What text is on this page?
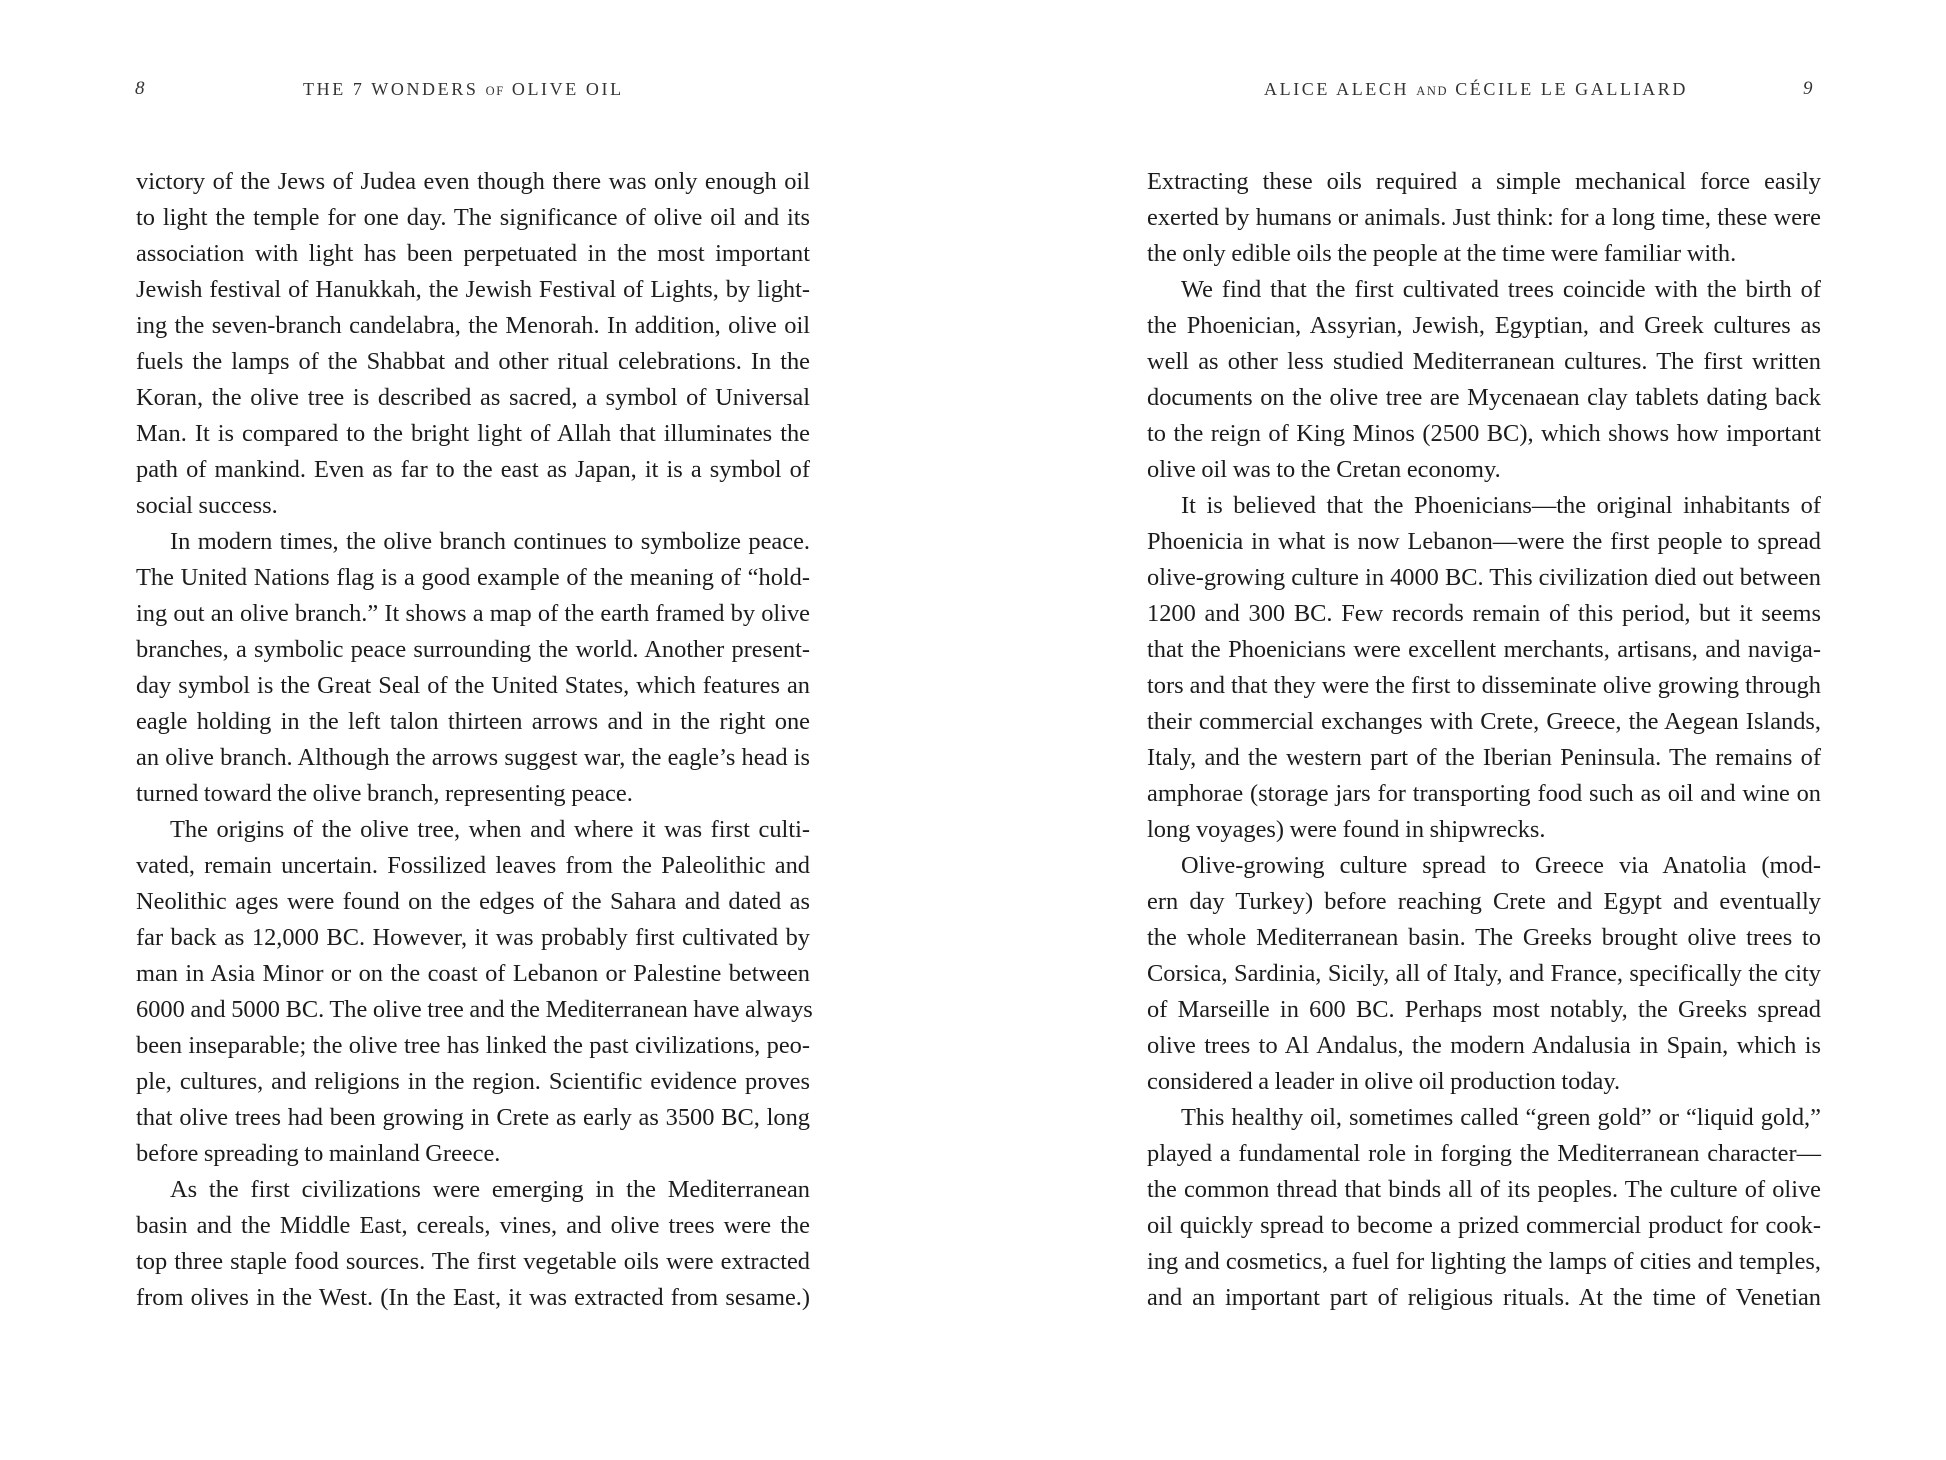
8	THE 7 WONDERS OF OLIVE OIL
victory of the Jews of Judea even though there was only enough oil
to light the temple for one day. The significance of olive oil and its
association with light has been perpetuated in the most important
Jewish festival of Hanukkah, the Jewish Festival of Lights, by light-
ing the seven-branch candelabra, the Menorah. In addition, olive oil
fuels the lamps of the Shabbat and other ritual celebrations. In the
Koran, the olive tree is described as sacred, a symbol of Universal
Man. It is compared to the bright light of Allah that illuminates the
path of mankind. Even as far to the east as Japan, it is a symbol of
social success.
In modern times, the olive branch continues to symbolize peace.
The United Nations flag is a good example of the meaning of “hold-
ing out an olive branch.” It shows a map of the earth framed by olive
branches, a symbolic peace surrounding the world. Another present-
day symbol is the Great Seal of the United States, which features an
eagle holding in the left talon thirteen arrows and in the right one
an olive branch. Although the arrows suggest war, the eagle’s head is
turned toward the olive branch, representing peace.
The origins of the olive tree, when and where it was first culti-
vated, remain uncertain. Fossilized leaves from the Paleolithic and
Neolithic ages were found on the edges of the Sahara and dated as
far back as 12,000 BC. However, it was probably first cultivated by
man in Asia Minor or on the coast of Lebanon or Palestine between
6000 and 5000 BC. The olive tree and the Mediterranean have always
been inseparable; the olive tree has linked the past civilizations, peo-
ple, cultures, and religions in the region. Scientific evidence proves
that olive trees had been growing in Crete as early as 3500 BC, long
before spreading to mainland Greece.
As the first civilizations were emerging in the Mediterranean
basin and the Middle East, cereals, vines, and olive trees were the
top three staple food sources. The first vegetable oils were extracted
from olives in the West. (In the East, it was extracted from sesame.)
ALICE ALECH AND CÉCILE LE GALLIARD	9
Extracting these oils required a simple mechanical force easily
exerted by humans or animals. Just think: for a long time, these were
the only edible oils the people at the time were familiar with.
We find that the first cultivated trees coincide with the birth of
the Phoenician, Assyrian, Jewish, Egyptian, and Greek cultures as
well as other less studied Mediterranean cultures. The first written
documents on the olive tree are Mycenaean clay tablets dating back
to the reign of King Minos (2500 BC), which shows how important
olive oil was to the Cretan economy.
It is believed that the Phoenicians—the original inhabitants of
Phoenicia in what is now Lebanon—were the first people to spread
olive-growing culture in 4000 BC. This civilization died out between
1200 and 300 BC. Few records remain of this period, but it seems
that the Phoenicians were excellent merchants, artisans, and naviga-
tors and that they were the first to disseminate olive growing through
their commercial exchanges with Crete, Greece, the Aegean Islands,
Italy, and the western part of the Iberian Peninsula. The remains of
amphorae (storage jars for transporting food such as oil and wine on
long voyages) were found in shipwrecks.
Olive-growing culture spread to Greece via Anatolia (mod-
ern day Turkey) before reaching Crete and Egypt and eventually
the whole Mediterranean basin. The Greeks brought olive trees to
Corsica, Sardinia, Sicily, all of Italy, and France, specifically the city
of Marseille in 600 BC. Perhaps most notably, the Greeks spread
olive trees to Al Andalus, the modern Andalusia in Spain, which is
considered a leader in olive oil production today.
This healthy oil, sometimes called “green gold” or “liquid gold,”
played a fundamental role in forging the Mediterranean character—
the common thread that binds all of its peoples. The culture of olive
oil quickly spread to become a prized commercial product for cook-
ing and cosmetics, a fuel for lighting the lamps of cities and temples,
and an important part of religious rituals. At the time of Venetian
